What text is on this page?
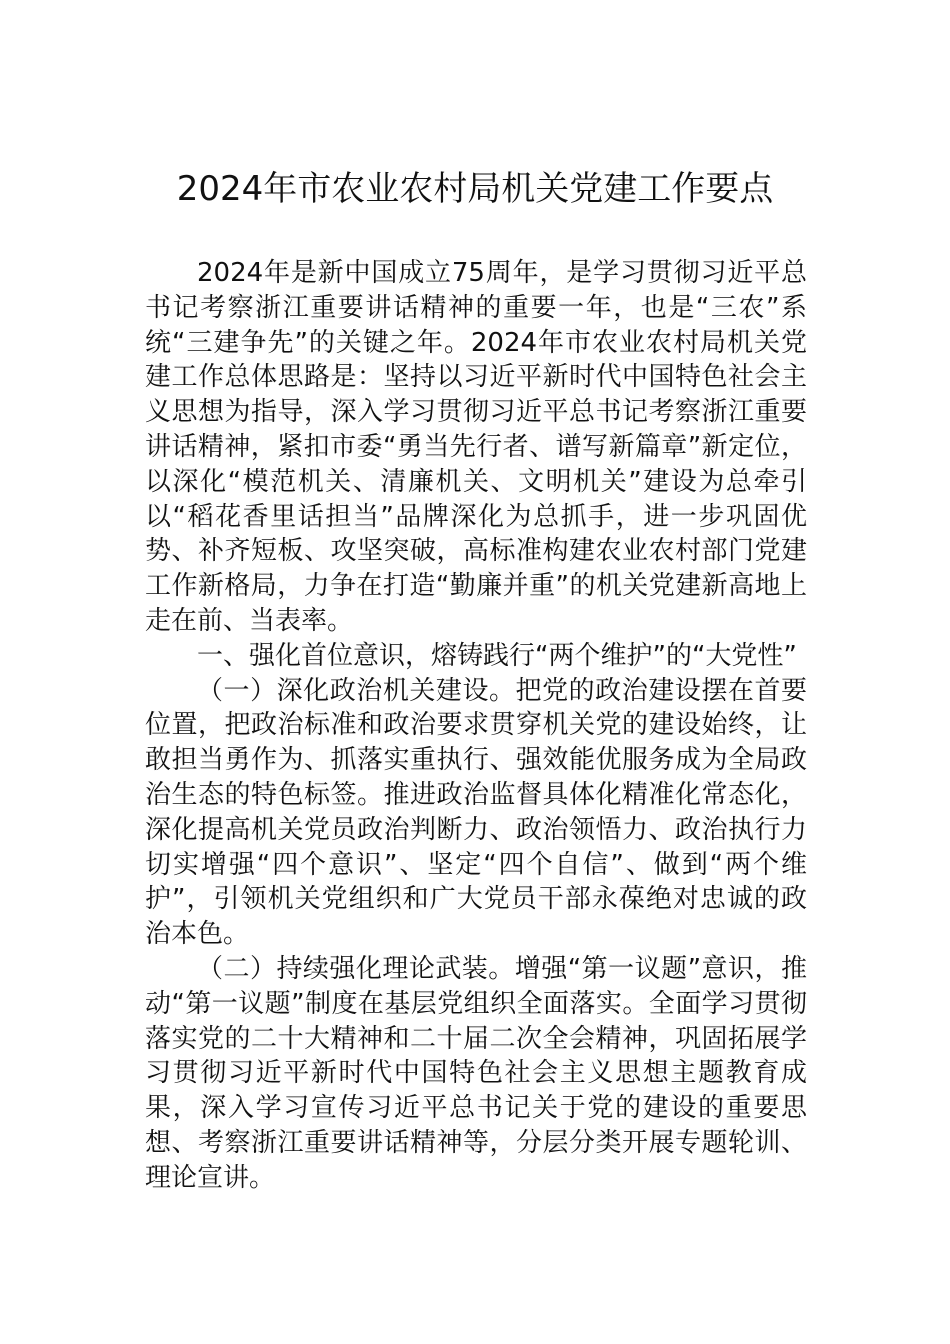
2024年市农业农村局机关党建工作要点

2024年是新中国成立75周年，是学习贯彻习近平总书记考察浙江重要讲话精神的重要一年，也是“三农”系统“三建争先”的关键之年。2024年市农业农村局机关党建工作总体思路是：坚持以习近平新时代中国特色社会主义思想为指导，深入学习贯彻习近平总书记考察浙江重要讲话精神，紧扣市委“勇当先行者、谱写新篇章”新定位，以深化“模范机关、清廉机关、文明机关”建设为总牵引以“稻花香里话担当”品牌深化为总抓手，进一步巩固优势、补齐短板、攻坚突破，高标准构建农业农村部门党建工作新格局，力争在打造“勤廉并重”的机关党建新高地上走在前、当表率。

一、强化首位意识，熔铸践行“两个维护”的“大党性”

（一）深化政治机关建设。把党的政治建设摆在首要位置，把政治标准和政治要求贯穿机关党的建设始终，让敢担当勇作为、抓落实重执行、强效能优服务成为全局政治生态的特色标签。推进政治监督具体化精准化常态化，深化提高机关党员政治判断力、政治领悟力、政治执行力切实增强“四个意识”、坚定“四个自信”、做到“两个维护”，引领机关党组织和广大党员干部永葆绝对忠诚的政治本色。

（二）持续强化理论武装。增强“第一议题”意识，推动“第一议题”制度在基层党组织全面落实。全面学习贯彻落实党的二十大精神和二十届二次全会精神，巩固拓展学习贯彻习近平新时代中国特色社会主义思想主题教育成果，深入学习宣传习近平总书记关于党的建设的重要思想、考察浙江重要讲话精神等，分层分类开展专题轮训、理论宣讲。
